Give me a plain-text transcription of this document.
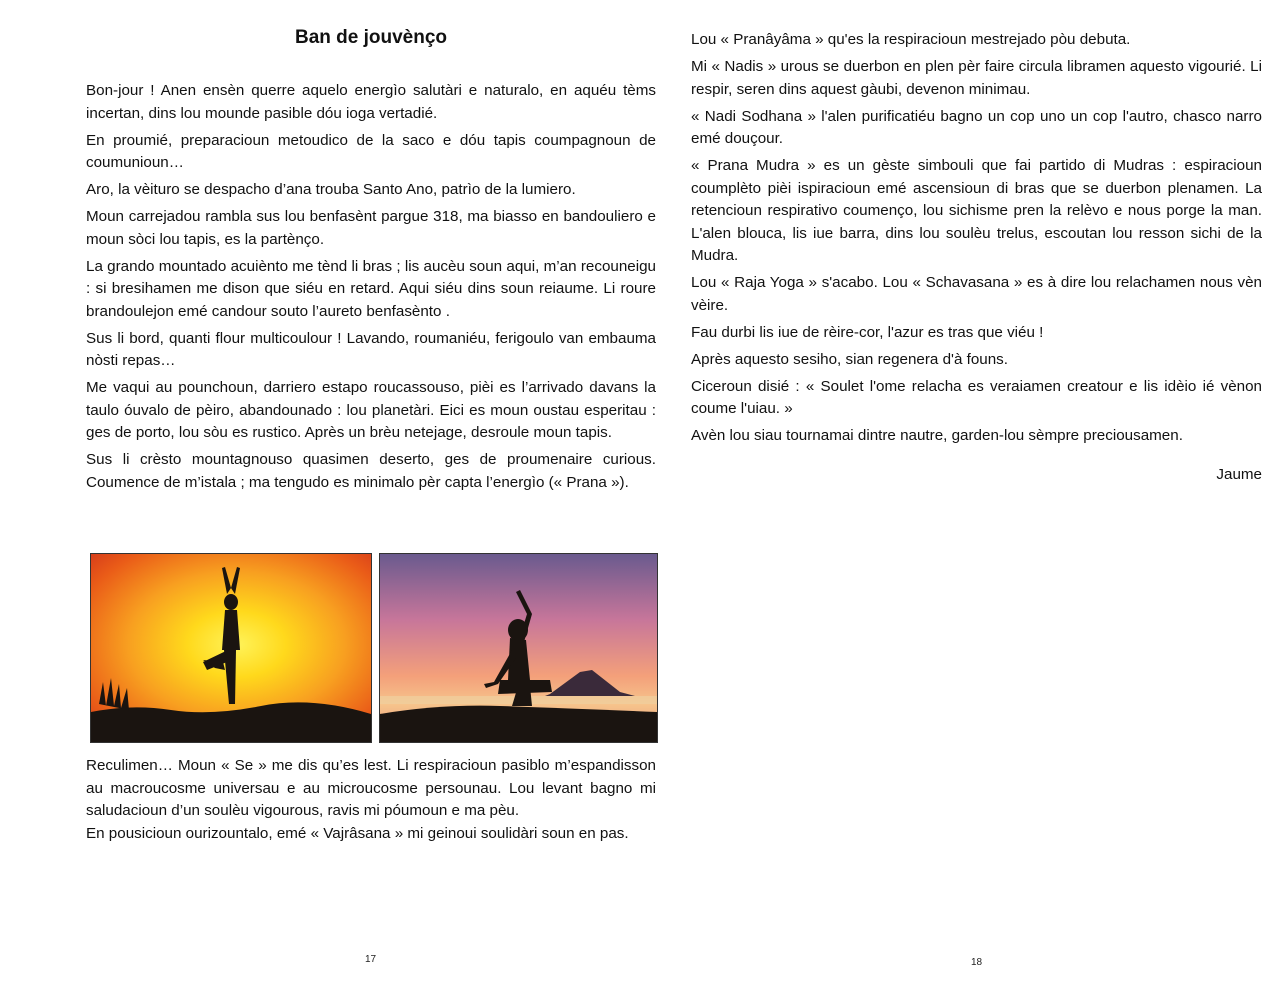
Ban de jouvènço

Bon-jour ! Anen ensèn querre aquelo energìo salutàri e naturalo, en aquéu tèms incertan, dins lou mounde pasible dóu ioga vertadié.

En proumié, preparacioun metoudico de la saco e dóu tapis coumpagnoun de coumunioun…

Aro, la vèituro se despacho d’ana trouba Santo Ano, patrìo de la lumiero.

Moun carrejadou rambla sus lou benfasènt pargue 318, ma biasso en bandouliero e moun sòci lou tapis, es la partènço.

La grando mountado acuiènto me tènd li bras ; lis aucèu soun aqui, m’an recouneigu : si bresihamen me dison que siéu en retard. Aqui siéu dins soun reiaume. Li roure brandoulejon emé candour souto l’aureto benfasènto .

Sus li bord, quanti flour multicoulour ! Lavando, roumaniéu, ferigoulo van embauma nòsti repas…

Me vaqui au pounchoun, darriero estapo roucassouso, pièi es l’arrivado davans la taulo óuvalo de pèiro, abandounado : lou planetàri. Eici es moun oustau esperitau : ges de porto, lou sòu es rustico. Après un brèu netejage, desroule moun tapis.

Sus li crèsto mountagnouso quasimen deserto, ges de proumenaire curious. Coumence de m’istala ; ma tengudo es minimalo pèr capta l’energìo (« Prana »).

Reculimen… Moun « Se » me dis qu’es lest. Li respiracioun pasiblo m’espandisson au macroucosme universau e au microucosme persounau. Lou levant bagno mi saludacioun d’un soulèu vigourous, ravis mi póumoun e ma pèu.

En pousicioun ourizountalo, emé « Vajrâsana » mi geinoui soulidàri soun en pas.

17

Lou « Pranâyâma » qu'es la respiracioun mestrejado pòu debuta.

Mi « Nadis » urous se duerbon en plen pèr faire circula libramen aquesto vigourié. Li respir, seren dins aquest gàubi, devenon minimau.

« Nadi Sodhana » l'alen purificatiéu bagno un cop uno un cop l'autro, chasco narro emé douçour.

« Prana Mudra » es un gèste simbouli que fai partido di Mudras : espiracioun coumplèto pièi ispiracioun emé ascensioun di bras que se duerbon plenamen. La retencioun respirativo coumenço, lou sichisme pren la relèvo e nous porge la man. L'alen blouca, lis iue barra, dins lou soulèu trelus, escoutan lou resson sichi de la Mudra.

Lou « Raja Yoga » s'acabo. Lou « Schavasana » es à dire lou relachamen nous vèn vèire.

Fau durbi lis iue de rèire-cor, l'azur es tras que viéu !

Après aquesto sesiho, sian regenera d'à founs.

Ciceroun disié : « Soulet l'ome relacha es veraiamen creatour e lis idèio ié vènon coume l'uiau. »

Avèn lou siau tournamai dintre nautre, garden-lou sèmpre preciousamen.

Jaume

18
